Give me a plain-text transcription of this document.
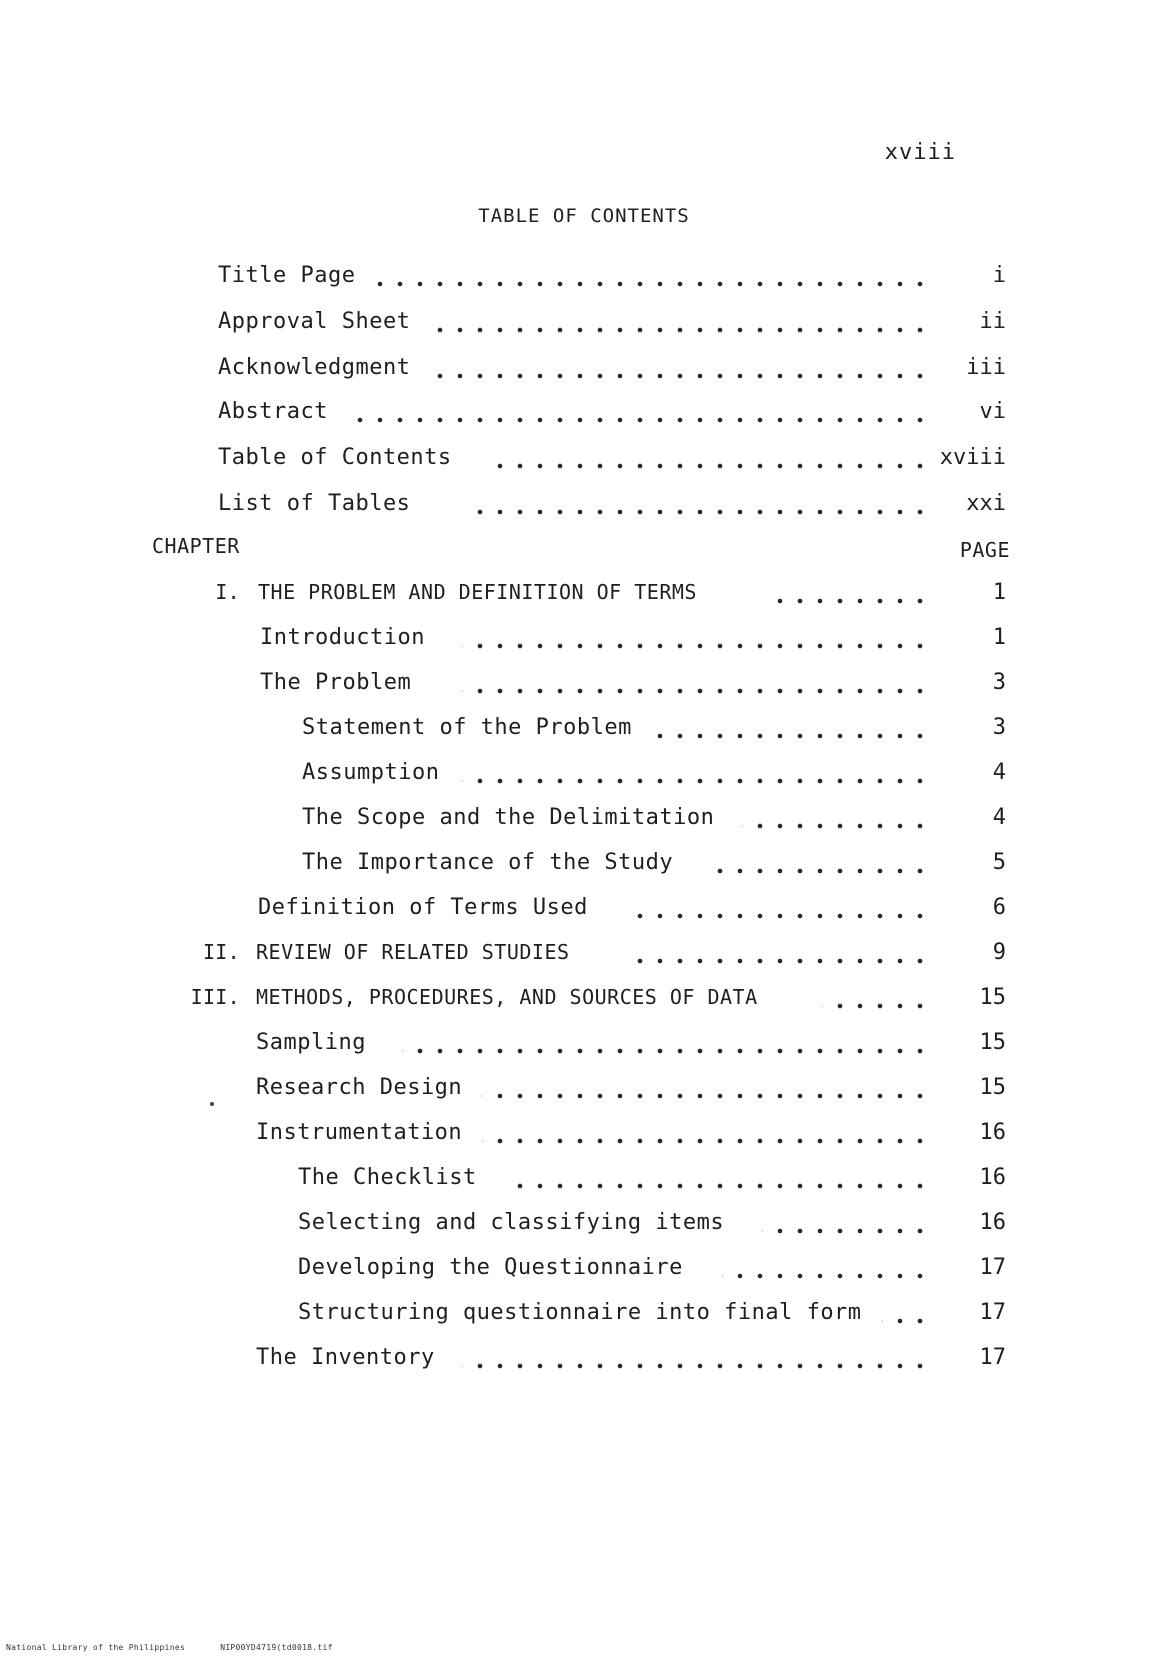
xviii
TABLE OF CONTENTS
Title Page	i
Approval Sheet	ii
Acknowledgment	iii
Abstract	vi
Table of Contents	xviii
List of Tables	xxi
CHAPTER	PAGE
I. THE PROBLEM AND DEFINITION OF TERMS	1
Introduction	1
The Problem	3
Statement of the Problem	3
Assumption	4
The Scope and the Delimitation	4
The Importance of the Study	5
Definition of Terms Used	6
II. REVIEW OF RELATED STUDIES	9
III. METHODS, PROCEDURES, AND SOURCES OF DATA	15
Sampling	15
Research Design	15
Instrumentation	16
The Checklist	16
Selecting and classifying items	16
Developing the Questionnaire	17
Structuring questionnaire into final form	17
The Inventory	17
National Library of the Philippines	NIP00YD4719(td0018.tif
